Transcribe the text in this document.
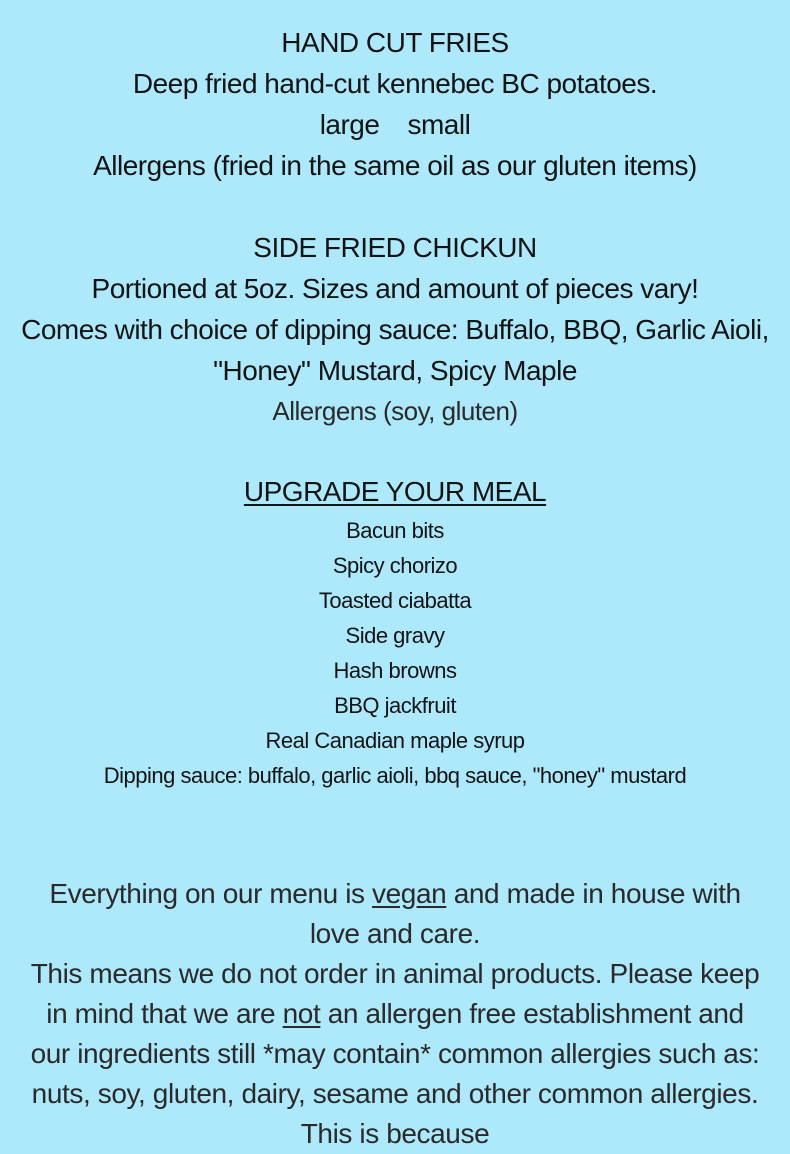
HAND CUT FRIES
Deep fried hand-cut kennebec BC potatoes.
large small
Allergens (fried in the same oil as our gluten items)
SIDE FRIED CHICKUN
Portioned at 5oz. Sizes and amount of pieces vary!
Comes with choice of dipping sauce: Buffalo, BBQ, Garlic Aioli,
"Honey" Mustard, Spicy Maple
Allergens (soy, gluten)
UPGRADE YOUR MEAL
Bacun bits
Spicy chorizo
Toasted ciabatta
Side gravy
Hash browns
BBQ jackfruit
Real Canadian maple syrup
Dipping sauce: buffalo, garlic aioli, bbq sauce, "honey" mustard
Everything on our menu is vegan and made in house with love and care.
This means we do not order in animal products. Please keep in mind that we are not an allergen free establishment and our ingredients still *may contain* common allergies such as: nuts, soy, gluten, dairy, sesame and other common allergies. This is because
